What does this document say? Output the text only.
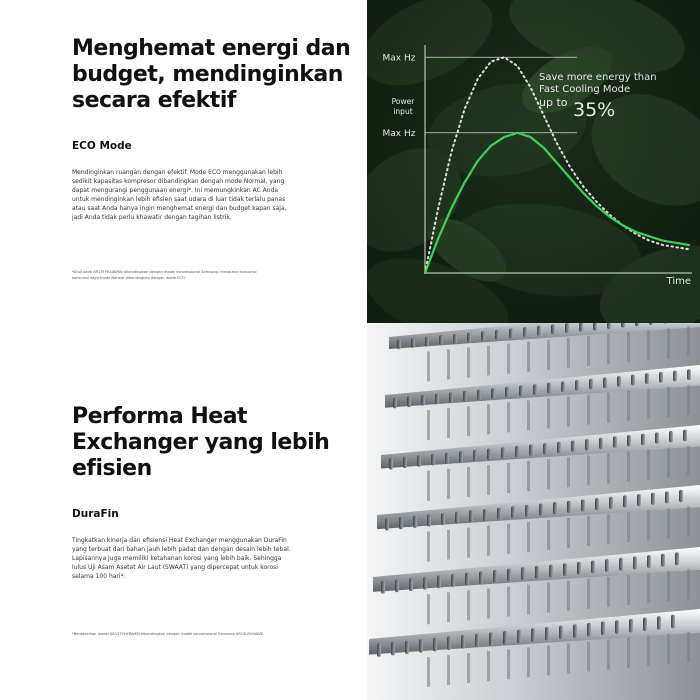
Menghemat energi dan
budget, mendinginkan
secara efektif
ECO Mode
Mendinginkan ruangan dengan efektif. Mode ECO menggunakan lebih
sedikit kapasitas kompresor dibandingkan dengan mode Normal, yang
dapat mengurangi penggunaan energi*. Ini memungkinkan AC Anda
untuk mendinginkan lebih efisien saat udara di luar tidak terlalu panas
atau saat Anda hanya ingin menghemat energi dan budget kapan saja,
jadi Anda tidak perlu khawatir dengan tagihan listrik.
*Diuji pada AR13TYEAAWKN dibandingkan dengan model konvensional Samsung, mengukur konsumsi
konsumsi daya mode Normal dibandingkan dengan mode ECO.
Performa Heat
Exchanger yang lebih
efisien
DuraFin
Tingkatkan kinerja dan efisiensi Heat Exchanger menggunakan DuraFin
yang terbuat dari bahan jauh lebih padat dan dengan desain lebih tebal.
Lapisannya juga memiliki ketahanan korosi yang lebih baik. Sehingga
lulus Uji Asam Asetat Air Laut (SWAAT) yang dipercepat untuk korosi
selama 100 hari*.
*Berdasarkan model AR13TYHYBWKN dibandingkan dengan model konvensional Samsung AR13LRHVAWK.
Power
input
Time
Save more energy than
Fast Cooling Mode
up to 35%
Max Hz
Max Hz
